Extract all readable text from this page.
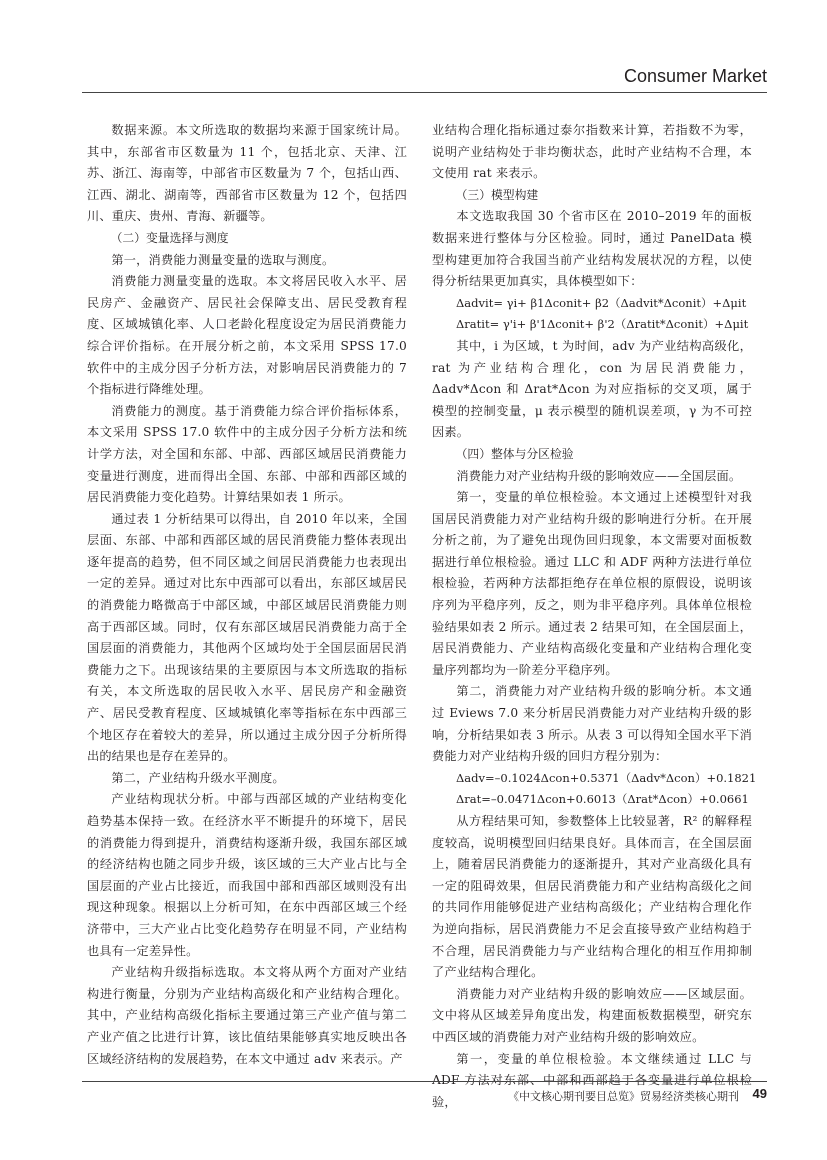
Consumer Market

数据来源。本文所选取的数据均来源于国家统计局。其中，东部省市区数量为 11 个，包括北京、天津、江苏、浙江、海南等，中部省市区数量为 7 个，包括山西、江西、湖北、湖南等，西部省市区数量为 12 个，包括四川、重庆、贵州、青海、新疆等。

（二）变量选择与测度

第一，消费能力测量变量的选取与测度。

消费能力测量变量的选取。本文将居民收入水平、居民房产、金融资产、居民社会保障支出、居民受教育程度、区域城镇化率、人口老龄化程度设定为居民消费能力综合评价指标。在开展分析之前，本文采用 SPSS 17.0 软件中的主成分因子分析方法，对影响居民消费能力的 7 个指标进行降维处理。

消费能力的测度。基于消费能力综合评价指标体系，本文采用 SPSS 17.0 软件中的主成分因子分析方法和统计学方法，对全国和东部、中部、西部区域居民消费能力变量进行测度，进而得出全国、东部、中部和西部区域的居民消费能力变化趋势。计算结果如表 1 所示。

通过表 1 分析结果可以得出，自 2010 年以来，全国层面、东部、中部和西部区域的居民消费能力整体表现出逐年提高的趋势，但不同区域之间居民消费能力也表现出一定的差异。通过对比东中西部可以看出，东部区域居民的消费能力略微高于中部区域，中部区域居民消费能力则高于西部区域。同时，仅有东部区域居民消费能力高于全国层面的消费能力，其他两个区域均处于全国层面居民消费能力之下。出现该结果的主要原因与本文所选取的指标有关，本文所选取的居民收入水平、居民房产和金融资产、居民受教育程度、区域城镇化率等指标在东中西部三个地区存在着较大的差异，所以通过主成分因子分析所得出的结果也是存在差异的。

第二，产业结构升级水平测度。

产业结构现状分析。中部与西部区域的产业结构变化趋势基本保持一致。在经济水平不断提升的环境下，居民的消费能力得到提升，消费结构逐渐升级，我国东部区域的经济结构也随之同步升级，该区域的三大产业占比与全国层面的产业占比接近，而我国中部和西部区域则没有出现这种现象。根据以上分析可知，在东中西部区域三个经济带中，三大产业占比变化趋势存在明显不同，产业结构也具有一定差异性。

产业结构升级指标选取。本文将从两个方面对产业结构进行衡量，分别为产业结构高级化和产业结构合理化。其中，产业结构高级化指标主要通过第三产业产值与第二产业产值之比进行计算，该比值结果能够真实地反映出各区域经济结构的发展趋势，在本文中通过 adv 来表示。产

业结构合理化指标通过泰尔指数来计算，若指数不为零，说明产业结构处于非均衡状态，此时产业结构不合理，本文使用 rat 来表示。

（三）模型构建

本文选取我国 30 个省市区在 2010–2019 年的面板数据来进行整体与分区检验。同时，通过 PanelData 模型构建更加符合我国当前产业结构发展状况的方程，以使得分析结果更加真实，具体模型如下：

Δadvit= γi+ β1Δconit+ β2（Δadvit*Δconit）+Δμit

Δratit= γ'i+ β'1Δconit+ β'2（Δratit*Δconit）+Δμit

其中，i 为区域，t 为时间，adv 为产业结构高级化，rat 为产业结构合理化，con 为居民消费能力，Δadv*Δcon 和 Δrat*Δcon 为对应指标的交叉项，属于模型的控制变量，μ 表示模型的随机误差项，γ 为不可控因素。

（四）整体与分区检验

消费能力对产业结构升级的影响效应——全国层面。

第一，变量的单位根检验。本文通过上述模型针对我国居民消费能力对产业结构升级的影响进行分析。在开展分析之前，为了避免出现伪回归现象，本文需要对面板数据进行单位根检验。通过 LLC 和 ADF 两种方法进行单位根检验，若两种方法都拒绝存在单位根的原假设，说明该序列为平稳序列，反之，则为非平稳序列。具体单位根检验结果如表 2 所示。通过表 2 结果可知，在全国层面上，居民消费能力、产业结构高级化变量和产业结构合理化变量序列都均为一阶差分平稳序列。

第二，消费能力对产业结构升级的影响分析。本文通过 Eviews 7.0 来分析居民消费能力对产业结构升级的影响，分析结果如表 3 所示。从表 3 可以得知全国水平下消费能力对产业结构升级的回归方程分别为：

Δadv=–0.1024Δcon+0.5371（Δadv*Δcon）+0.1821

Δrat=–0.0471Δcon+0.6013（Δrat*Δcon）+0.0661

从方程结果可知，参数整体上比较显著，R² 的解释程度较高，说明模型回归结果良好。具体而言，在全国层面上，随着居民消费能力的逐渐提升，其对产业高级化具有一定的阻碍效果，但居民消费能力和产业结构高级化之间的共同作用能够促进产业结构高级化；产业结构合理化作为逆向指标，居民消费能力不足会直接导致产业结构趋于不合理，居民消费能力与产业结构合理化的相互作用抑制了产业结构合理化。

消费能力对产业结构升级的影响效应——区域层面。文中将从区域差异角度出发，构建面板数据模型，研究东中西区域的消费能力对产业结构升级的影响效应。

第一，变量的单位根检验。本文继续通过 LLC 与 ADF 方法对东部、中部和西部趋于各变量进行单位根检验，	《中文核心期刊要目总览》贸易经济类核心期刊 49
